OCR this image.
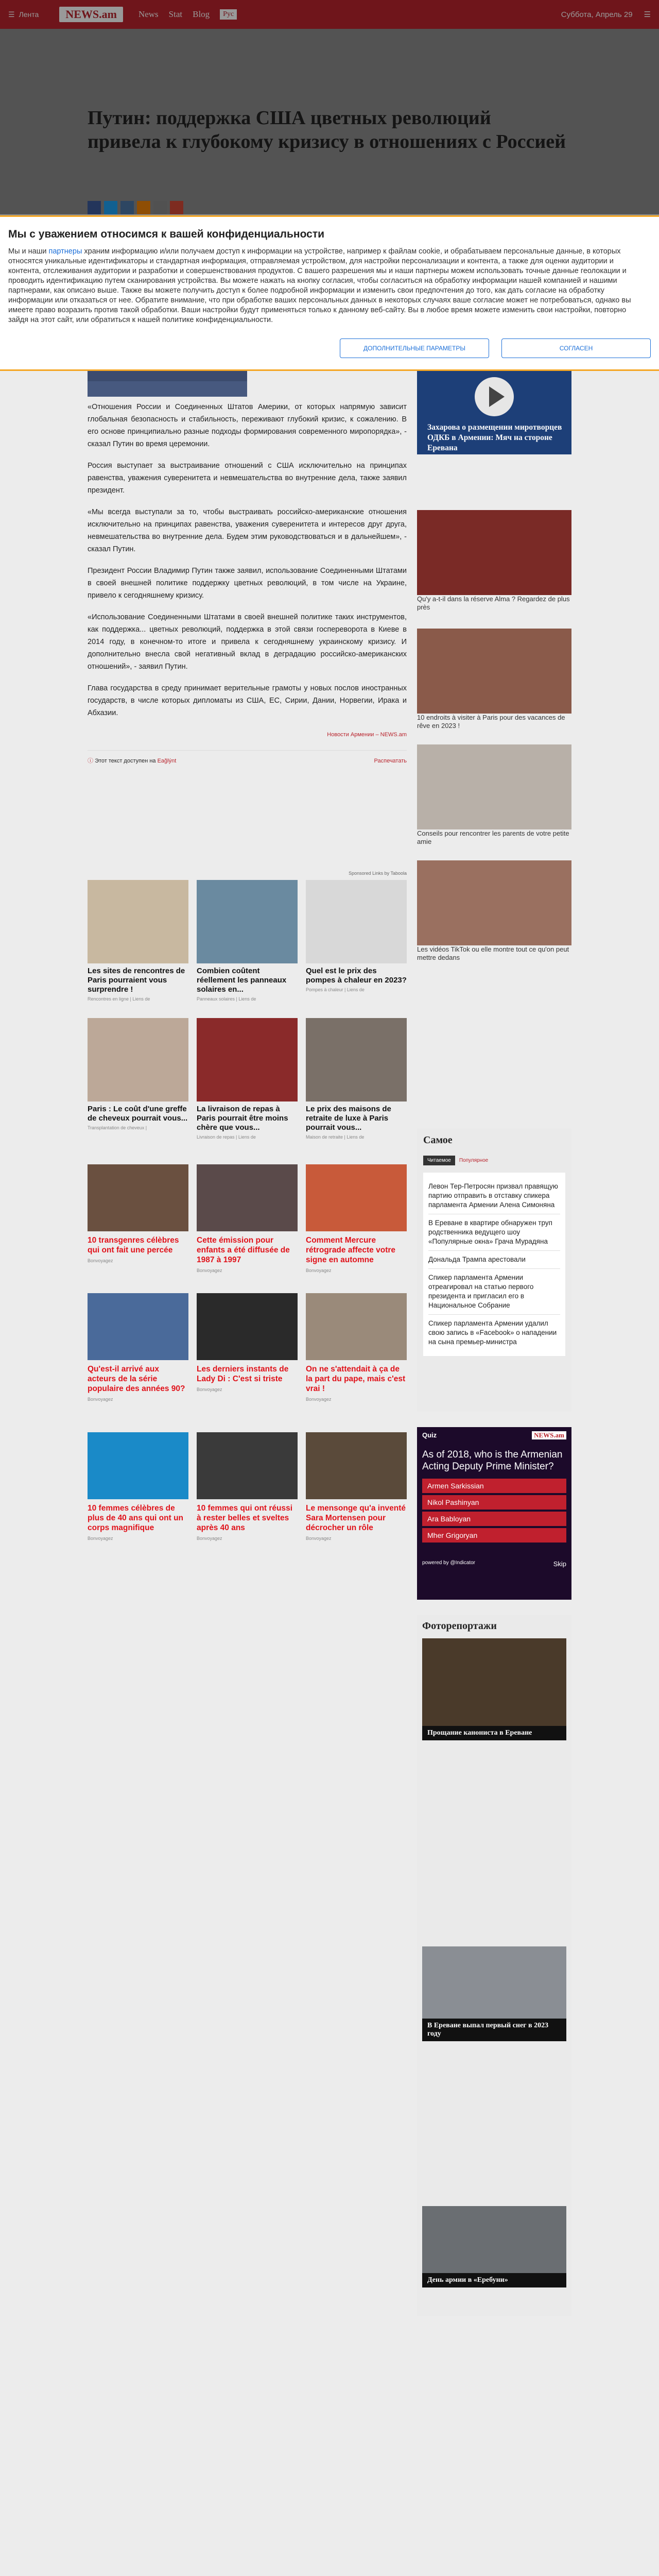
☰ Лента	NEWS.am	News Stat Blog	Рус	Суббота, Апрель 29 ☰
Путин: поддержка США цветных революций привела к глубокому кризису в отношениях с Россией
Мы с уважением относимся к вашей конфиденциальности

Мы и наши партнеры храним информацию и/или получаем доступ к информации на устройстве, например к файлам cookie, и обрабатываем персональные данные, в которых относятся уникальные идентификаторы и стандартная информация, отправляемая устройством, для настройки персонализации и контента, а также для оценки аудитории и контента, отслеживания аудитории и разработки и совершенствования продуктов. С вашего разрешения мы и наши партнеры можем использовать точные данные геолокации и проводить идентификацию путем сканирования устройства. Вы можете нажать на кнопку согласия, чтобы согласиться на обработку информации нашей компанией и нашими партнерами, как описано выше. Также вы можете получить доступ к более подробной информации и изменить свои предпочтения до того, как дать согласие на обработку информации или отказаться от нее. Обратите внимание, что при обработке ваших персональных данных в некоторых случаях ваше согласие может не потребоваться, однако вы имеете право возразить против такой обработки. Ваши настройки будут применяться только к данному веб-сайту. Вы в любое время можете изменить свои настройки, повторно зайдя на этот сайт, или обратиться к нашей политике конфиденциальности.

ДОПОЛНИТЕЛЬНЫЕ ПАРАМЕТРЫ	СОГЛАСЕН

«Отношения России и Соединенных Штатов Америки, от которых напрямую зависит глобальная безопасность и стабильность, переживают глубокий кризис, к сожалению. В его основе принципиально разные подходы формирования современного миропорядка», - сказал Путин во время церемонии.

Россия выступает за выстраивание отношений с США исключительно на принципах равенства, уважения суверенитета и невмешательства во внутренние дела, также заявил президент.

«Мы всегда выступали за то, чтобы выстраивать российско-американские отношения исключительно на принципах равенства, уважения суверенитета и интересов друг друга, невмешательства во внутренние дела. Будем этим руководствоваться и в дальнейшем», - сказал Путин.

Президент России Владимир Путин также заявил, использование Соединенными Штатами в своей внешней политике поддержку цветных революций, в том числе на Украине, привело к сегодняшнему кризису.

«Использование Соединенными Штатами в своей внешней политике таких инструментов, как поддержка... цветных революций, поддержка в этой связи госпереворота в Киеве в 2014 году, в конечном-то итоге и привела к сегодняшнему украинскому кризису. И дополнительно внесла свой негативный вклад в деградацию российско-американских отношений», - заявил Путин.

Глава государства в среду принимает верительные грамоты у новых послов иностранных государств, в числе которых дипломаты из США, ЕС, Сирии, Дании, Норвегии, Ирака и Абхазии.

Новости Армении – NEWS.am

ⓘ Этот текст доступен на Eağlýnt	Распечатать
Захарова о размещении миротворцев ОДКБ в Армении: Мяч на стороне Еревана
Qu'y a-t-il dans la réserve Alma ? Regardez de plus près
10 endroits à visiter à Paris pour des vacances de rêve en 2023 !
Conseils pour rencontrer les parents de votre petite amie
Les vidéos TikTok ou elle montre tout ce qu'on peut mettre dedans
Самое
Читаемое	Популярное
Левон Тер-Петросян призвал правящую партию отправить в отставку спикера парламента Армении Алена Симоняна
В Ереване в квартире обнаружен труп родственника ведущего шоу «Популярные окна» Грача Мурадяна
Дональда Трампа арестовали
Спикер парламента Армении отреагировал на статью первого президента и пригласил его в Национальное Собрание
Спикер парламента Армении удалил свою запись в «Facebook» о нападении на сына премьер-министра
Quiz	NEWS.am
As of 2018, who is the Armenian Acting Deputy Prime Minister?
Armen Sarkissian
Nikol Pashinyan
Ara Babloyan
Mher Grigoryan
powered by @Indicator	Skip
Фоторепортажи
Прощание канониста в Ереване
В Ереване выпал первый снег в 2023 году
День армии в «Еребуни»
Sponsored Links by Taboola
Les sites de rencontres de Paris pourraient vous surprendre !
Rencontres en ligne | Liens de
Combien coûtent réellement les panneaux solaires en...
Panneaux solaires | Liens de
Quel est le prix des pompes à chaleur en 2023?
Pompes à chaleur | Liens de
Paris : Le coût d'une greffe de cheveux pourrait vous...
Transplantation de cheveux |
La livraison de repas à Paris pourrait être moins chère que vous...
Livraison de repas | Liens de
Le prix des maisons de retraite de luxe à Paris pourrait vous...
Maison de retraite | Liens de
10 transgenres célèbres qui ont fait une percée
Bonvoyagez
Cette émission pour enfants a été diffusée de 1987 à 1997
Bonvoyagez
Comment Mercure rétrograde affecte votre signe en automne
Bonvoyagez
Qu'est-il arrivé aux acteurs de la série populaire des années 90?
Bonvoyagez
Les derniers instants de Lady Di : C'est si triste
Bonvoyagez
On ne s'attendait à ça de la part du pape, mais c'est vrai !
Bonvoyagez
10 femmes célèbres de plus de 40 ans qui ont un corps magnifique
Bonvoyagez
10 femmes qui ont réussi à rester belles et sveltes après 40 ans
Bonvoyagez
Le mensonge qu'a inventé Sara Mortensen pour décrocher un rôle
Bonvoyagez
